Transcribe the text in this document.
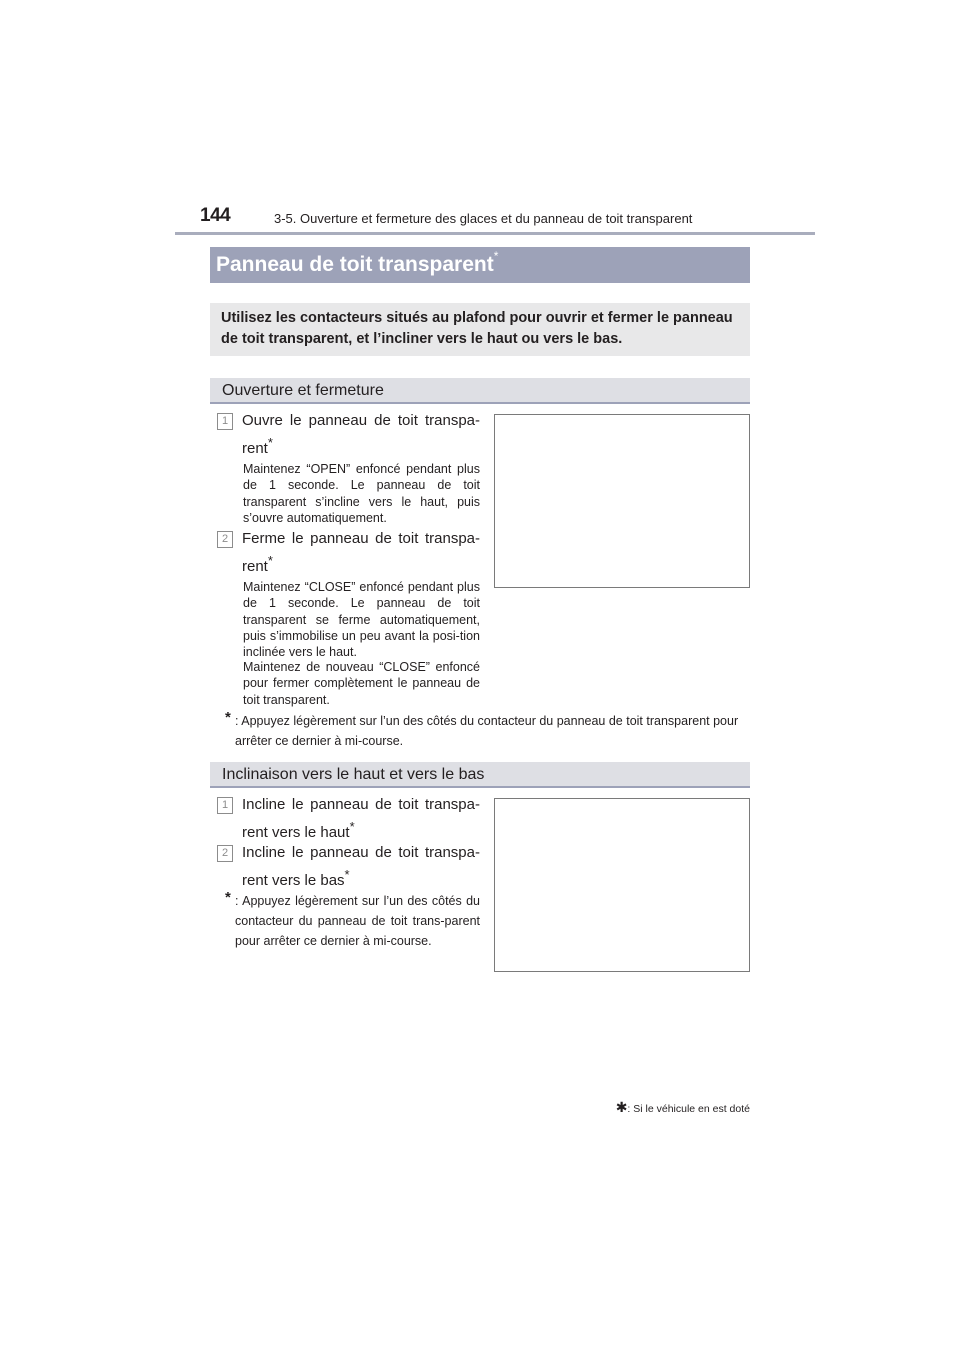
144	3-5. Ouverture et fermeture des glaces et du panneau de toit transparent
Panneau de toit transparent*
Utilisez les contacteurs situés au plafond pour ouvrir et fermer le panneau de toit transparent, et l’incliner vers le haut ou vers le bas.
Ouverture et fermeture
1 Ouvre le panneau de toit transpa-rent*
Maintenez “OPEN” enfoncé pendant plus de 1 seconde. Le panneau de toit transparent s’incline vers le haut, puis s’ouvre automatiquement.
2 Ferme le panneau de toit transpa-rent*
Maintenez “CLOSE” enfoncé pendant plus de 1 seconde. Le panneau de toit transparent se ferme automatiquement, puis s’immobilise un peu avant la posi-tion inclinée vers le haut.
Maintenez de nouveau “CLOSE” enfoncé pour fermer complètement le panneau de toit transparent.
* : Appuyez légèrement sur l’un des côtés du contacteur du panneau de toit transparent pour arrêter ce dernier à mi-course.
Inclinaison vers le haut et vers le bas
1 Incline le panneau de toit transpa-rent vers le haut*
2 Incline le panneau de toit transpa-rent vers le bas*
* : Appuyez légèrement sur l’un des côtés du contacteur du panneau de toit trans-parent pour arrêter ce dernier à mi-course.
✱: Si le véhicule en est doté
